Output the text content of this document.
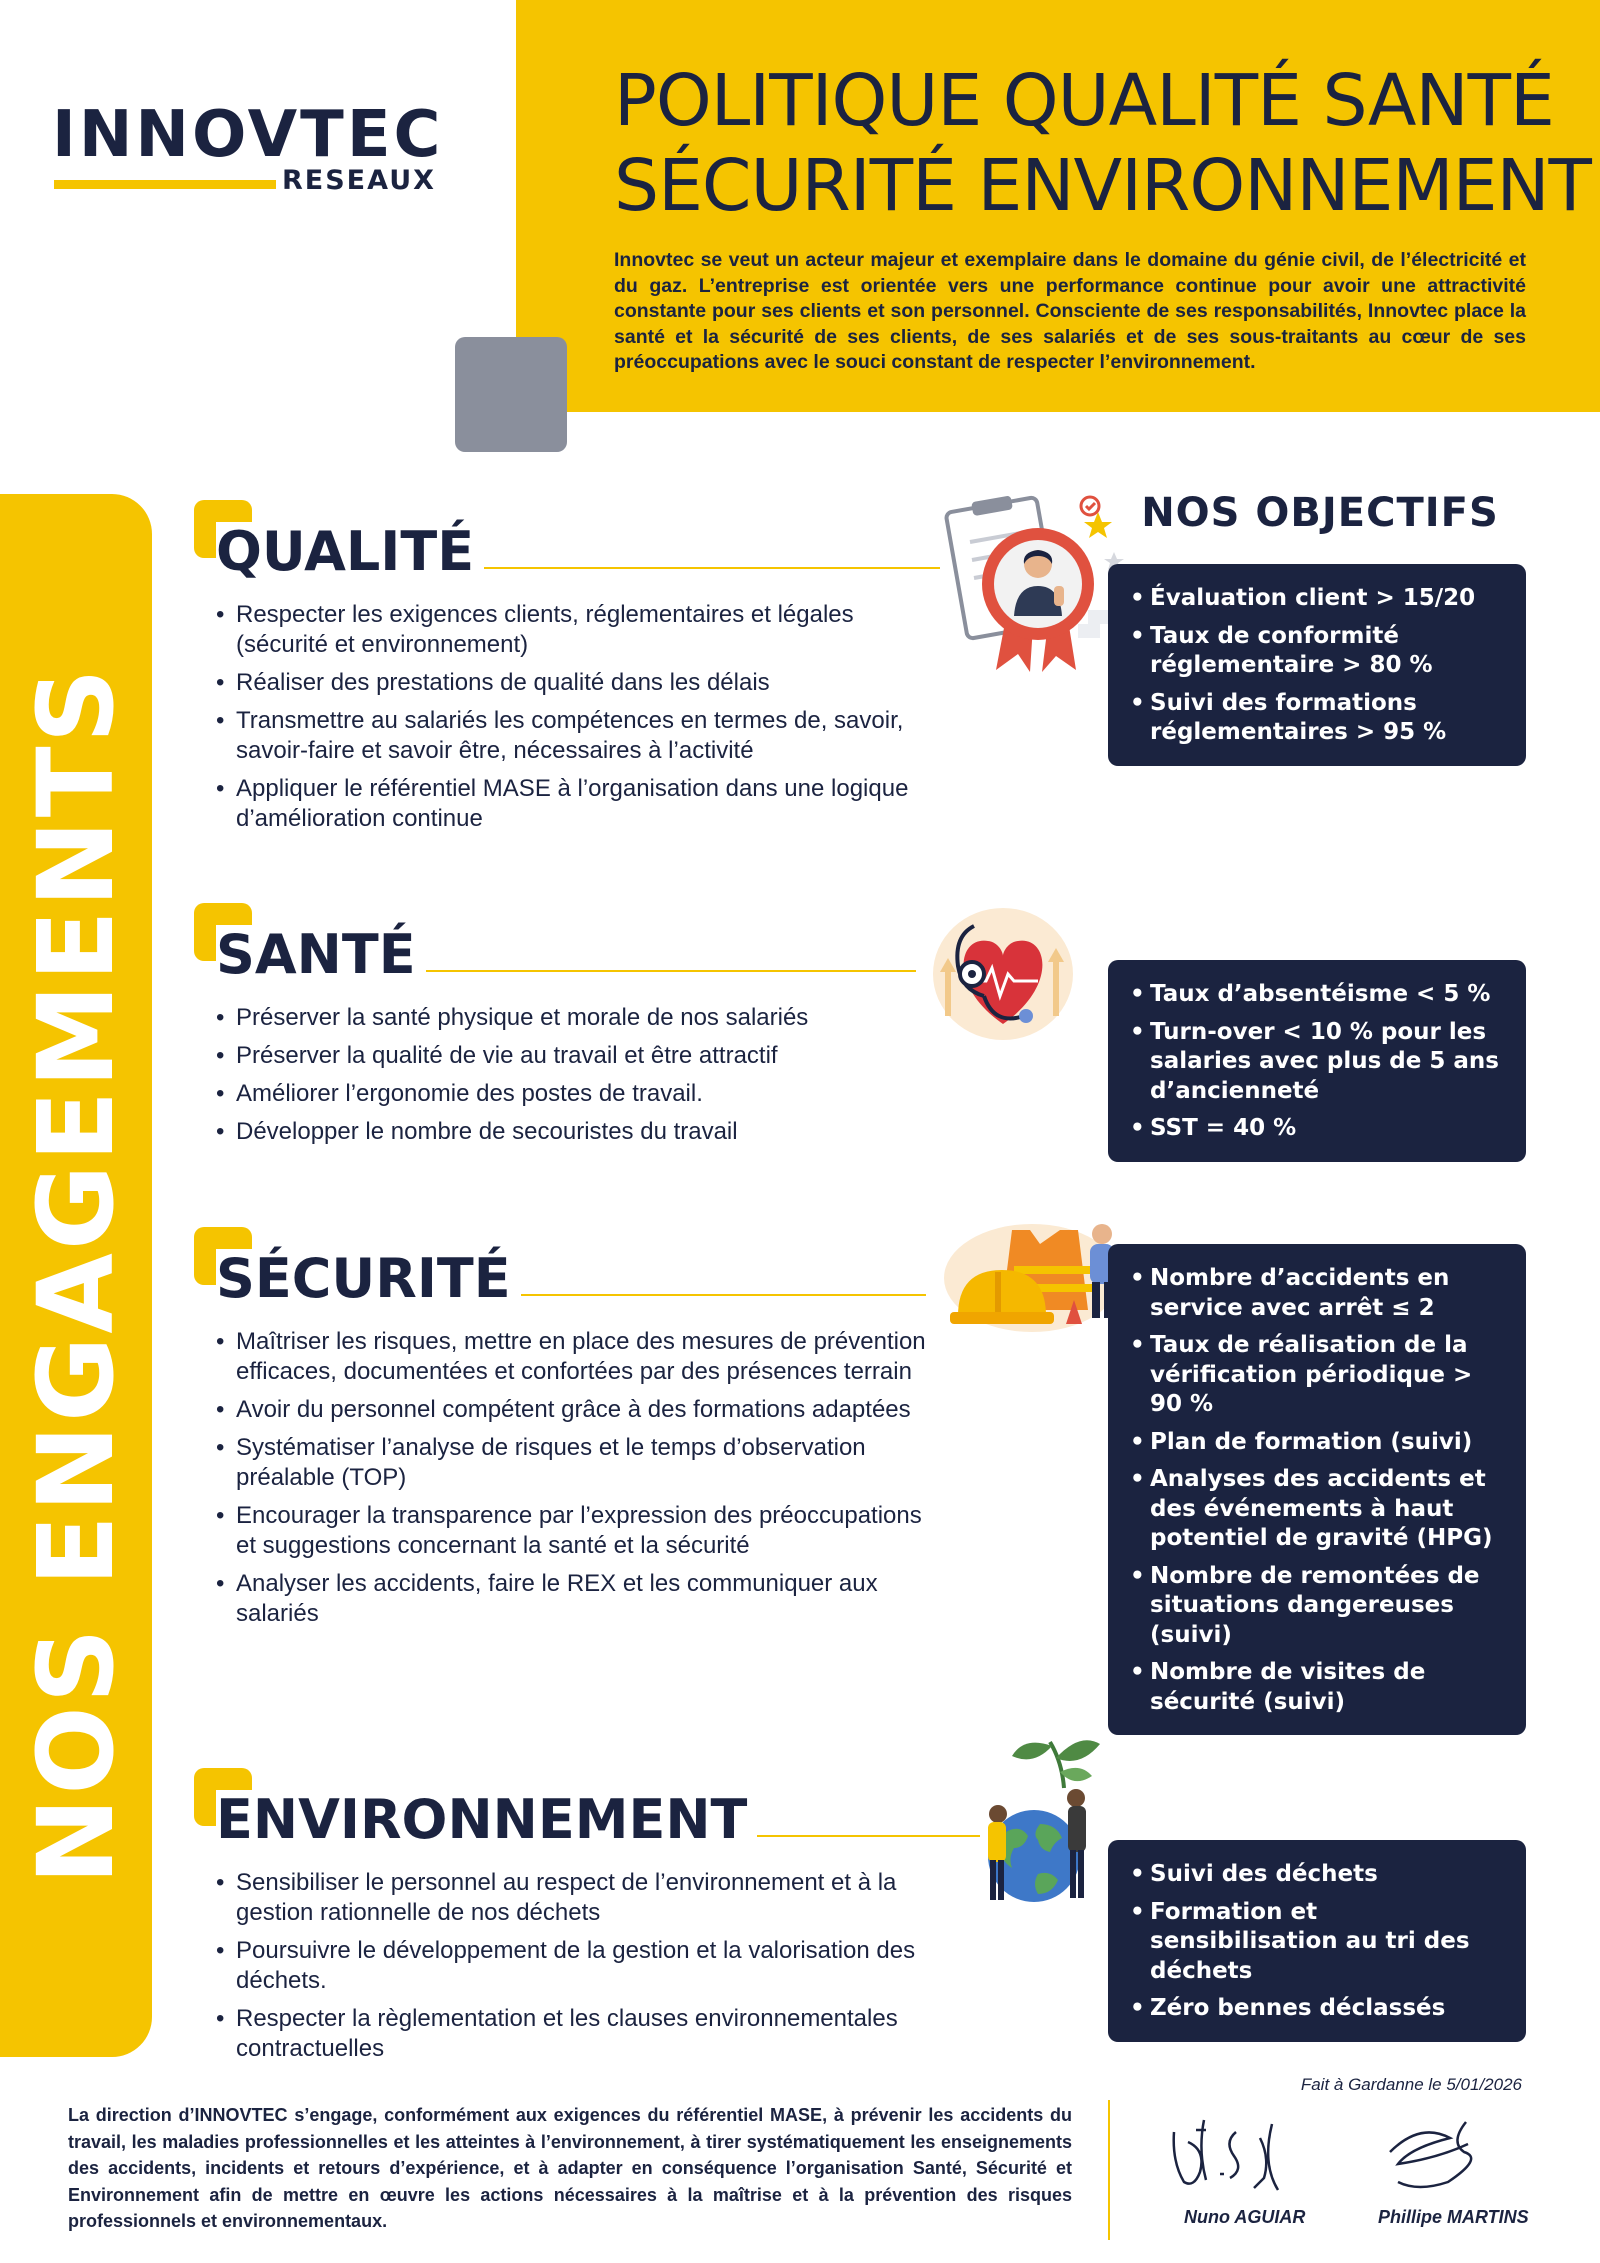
INNOVTEC
RESEAUX
POLITIQUE QUALITÉ SANTÉ
SÉCURITÉ ENVIRONNEMENT

Innovtec se veut un acteur majeur et exemplaire dans le domaine du génie civil, de l’électricité et du gaz. L’entreprise est orientée vers une performance continue pour avoir une attractivité constante pour ses clients et son personnel. Consciente de ses responsabilités, Innovtec place la santé et la sécurité de ses clients, de ses salariés et de ses sous-traitants au cœur de ses préoccupations avec le souci constant de respecter l’environnement.

NOS ENGAGEMENTS
NOS OBJECTIFS
QUALITÉ
• Respecter les exigences clients, réglementaires et légales (sécurité et environnement)
• Réaliser des prestations de qualité dans les délais
• Transmettre au salariés les compétences en termes de, savoir, savoir-faire et savoir être, nécessaires à l’activité
• Appliquer le référentiel MASE à l’organisation dans une logique d’amélioration continue
• Évaluation client > 15/20
• Taux de conformité réglementaire > 80 %
• Suivi des formations réglementaires > 95 %
SANTÉ
• Préserver la santé physique et morale de nos salariés
• Préserver la qualité de vie au travail et être attractif
• Améliorer l’ergonomie des postes de travail.
• Développer le nombre de secouristes du travail
• Taux d’absentéisme < 5 %
• Turn-over < 10 % pour les salaries avec plus de 5 ans d’ancienneté
• SST = 40 %
SÉCURITÉ
• Maîtriser les risques, mettre en place des mesures de prévention efficaces, documentées et confortées par des présences terrain
• Avoir du personnel compétent grâce à des formations adaptées
• Systématiser l’analyse de risques et le temps d’observation préalable (TOP)
• Encourager la transparence par l’expression des préoccupations et suggestions concernant la santé et la sécurité
• Analyser les accidents, faire le REX et les communiquer aux salariés
• Nombre d’accidents en service avec arrêt ≤ 2
• Taux de réalisation de la vérification périodique > 90 %
• Plan de formation (suivi)
• Analyses des accidents et des événements à haut potentiel de gravité (HPG)
• Nombre de remontées de situations dangereuses (suivi)
• Nombre de visites de sécurité (suivi)
ENVIRONNEMENT
• Sensibiliser le personnel au respect de l’environnement et à la gestion rationnelle de nos déchets
• Poursuivre le développement de la gestion et la valorisation des déchets.
• Respecter la règlementation et les clauses environnementales contractuelles
• Suivi des déchets
• Formation et sensibilisation au tri des déchets
• Zéro bennes déclassés

La direction d’INNOVTEC s’engage, conformément aux exigences du référentiel MASE, à prévenir les accidents du travail, les maladies professionnelles et les atteintes à l’environnement, à tirer systématiquement les enseignements des accidents, incidents et retours d’expérience, et à adapter en conséquence l’organisation Santé, Sécurité et Environnement afin de mettre en œuvre les actions nécessaires à la maîtrise et à la prévention des risques professionnels et environnementaux.

Fait à Gardanne le 5/01/2026
Nuno AGUIAR	Phillipe MARTINS
